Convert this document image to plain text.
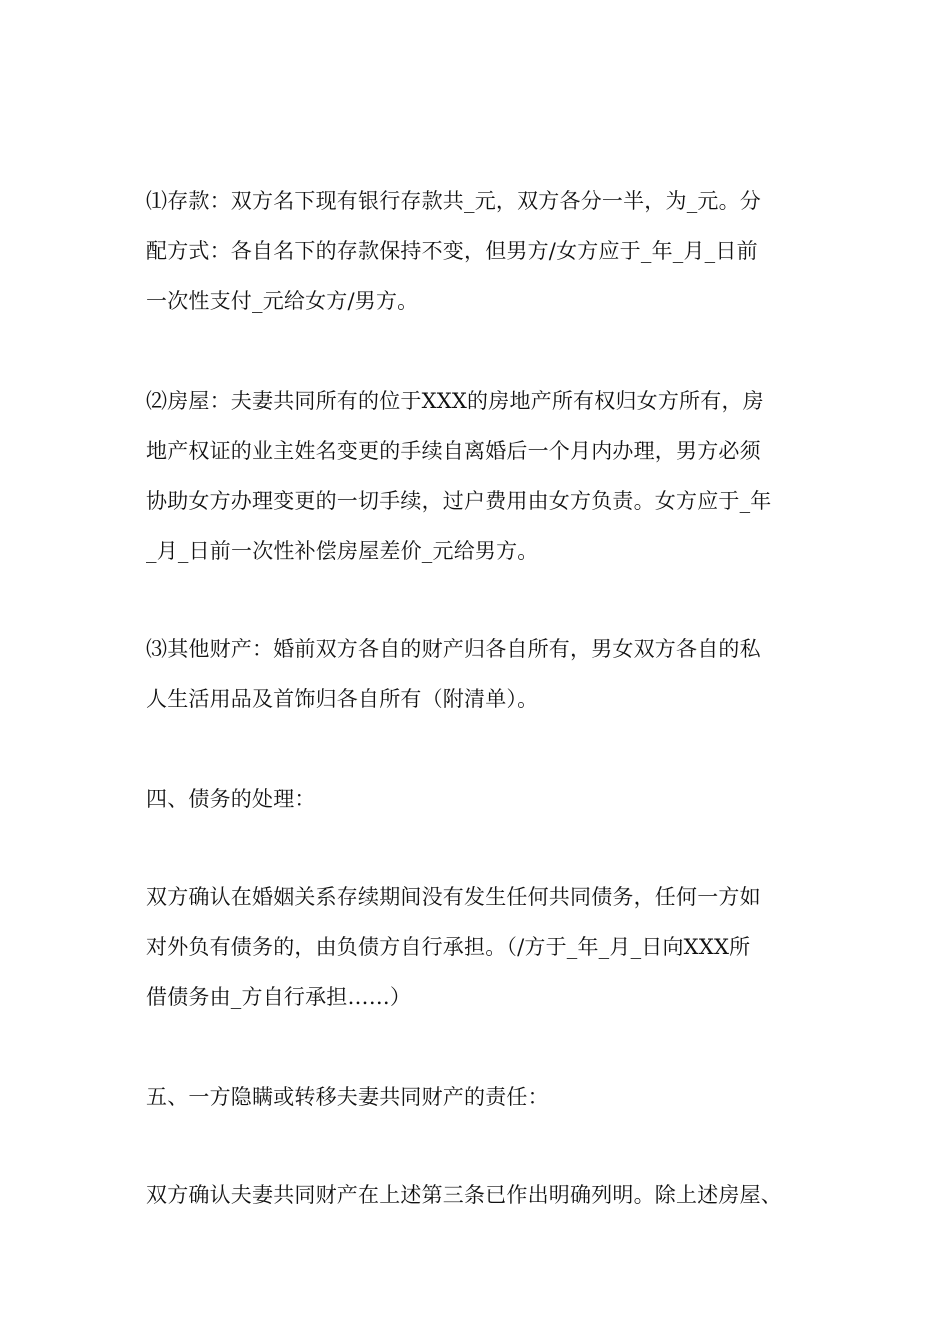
⑴存款：双方名下现有银行存款共_元，双方各分一半，为_元。分
配方式：各自名下的存款保持不变，但男方/女方应于_年_月_日前
一次性支付_元给女方/男方。
⑵房屋：夫妻共同所有的位于XXX的房地产所有权归女方所有，房
地产权证的业主姓名变更的手续自离婚后一个月内办理，男方必须
协助女方办理变更的一切手续，过户费用由女方负责。女方应于_年
_月_日前一次性补偿房屋差价_元给男方。
⑶其他财产：婚前双方各自的财产归各自所有，男女双方各自的私
人生活用品及首饰归各自所有（附清单）。
四、债务的处理：
双方确认在婚姻关系存续期间没有发生任何共同债务，任何一方如
对外负有债务的，由负债方自行承担。（/方于_年_月_日向XXX所
借债务由_方自行承担……）
五、一方隐瞒或转移夫妻共同财产的责任：
双方确认夫妻共同财产在上述第三条已作出明确列明。除上述房屋、
